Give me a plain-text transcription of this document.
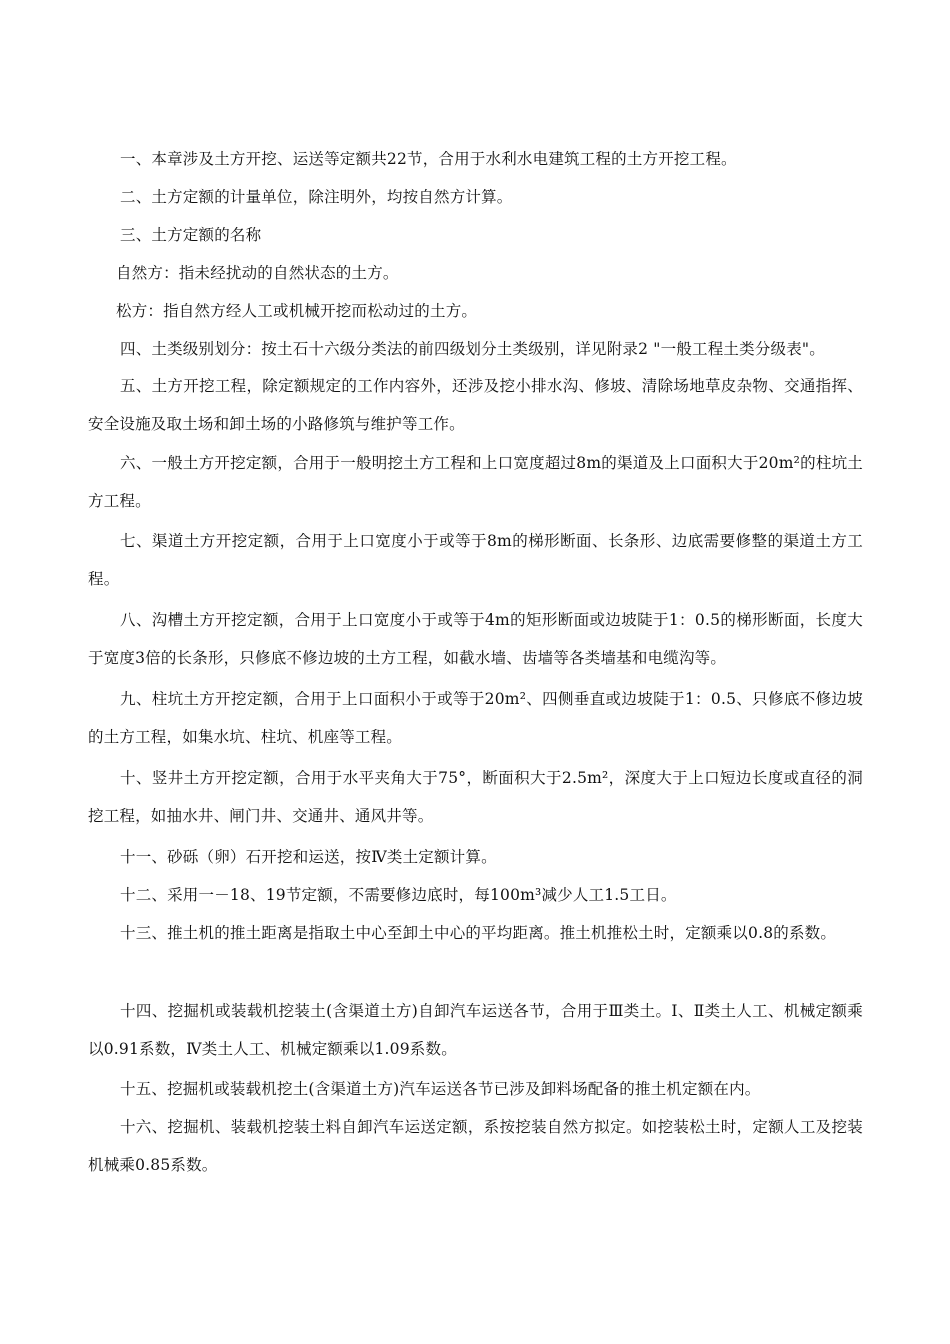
一、本章涉及土方开挖、运送等定额共22节，合用于水利水电建筑工程的土方开挖工程。

二、土方定额的计量单位，除注明外，均按自然方计算。

三、土方定额的名称

自然方：指未经扰动的自然状态的土方。

松方：指自然方经人工或机械开挖而松动过的土方。

四、土类级别划分：按土石十六级分类法的前四级划分土类级别，详见附录2 "一般工程土类分级表"。

五、土方开挖工程，除定额规定的工作内容外，还涉及挖小排水沟、修坡、清除场地草皮杂物、交通指挥、安全设施及取土场和卸土场的小路修筑与维护等工作。

六、一般土方开挖定额，合用于一般明挖土方工程和上口宽度超过8m的渠道及上口面积大于20m²的柱坑土方工程。

七、渠道土方开挖定额，合用于上口宽度小于或等于8m的梯形断面、长条形、边底需要修整的渠道土方工程。

八、沟槽土方开挖定额，合用于上口宽度小于或等于4m的矩形断面或边坡陡于1：0.5的梯形断面，长度大于宽度3倍的长条形，只修底不修边坡的土方工程，如截水墙、齿墙等各类墙基和电缆沟等。

九、柱坑土方开挖定额，合用于上口面积小于或等于20m²、四侧垂直或边坡陡于1：0.5、只修底不修边坡的土方工程，如集水坑、柱坑、机座等工程。

十、竖井土方开挖定额，合用于水平夹角大于75°，断面积大于2.5m²，深度大于上口短边长度或直径的洞挖工程，如抽水井、闸门井、交通井、通风井等。

十一、砂砾（卵）石开挖和运送，按Ⅳ类土定额计算。

十二、采用一－18、19节定额，不需要修边底时，每100m³减少人工1.5工日。

十三、推土机的推土距离是指取土中心至卸土中心的平均距离。推土机推松土时，定额乘以0.8的系数。

十四、挖掘机或装载机挖装土(含渠道土方)自卸汽车运送各节，合用于Ⅲ类土。Ⅰ、Ⅱ类土人工、机械定额乘以0.91系数，Ⅳ类土人工、机械定额乘以1.09系数。

十五、挖掘机或装载机挖土(含渠道土方)汽车运送各节已涉及卸料场配备的推土机定额在内。

十六、挖掘机、装载机挖装土料自卸汽车运送定额，系按挖装自然方拟定。如挖装松土时，定额人工及挖装机械乘0.85系数。
